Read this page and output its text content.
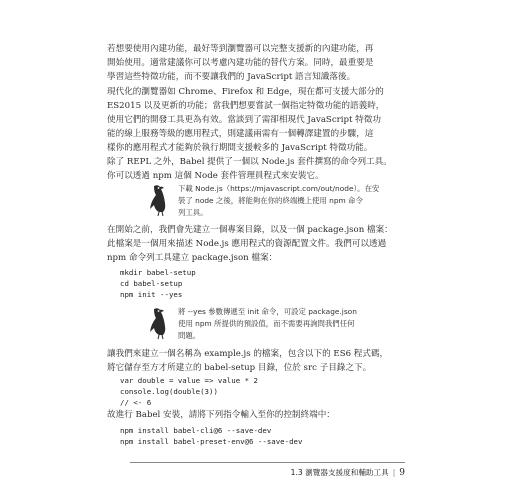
若想要使用內建功能，最好等到瀏覽器可以完整支援新的內建功能，再
開始使用。適常建議你可以考慮內建功能的替代方案。同時，最重要是
學習這些特徵功能，而不要讓我們的 JavaScript 語言知識落後。

現代化的瀏覽器如 Chrome、Firefox 和 Edge，現在都可支援大部分的
ES2015 以及更新的功能；當我們想要嘗試一個指定特徵功能的語義時，
使用它們的開發工具更為有效。當談到了需卻相現代 JavaScript 特徵功
能的線上服務等級的應用程式，則建議兩需有一個轉譯建置的步驟，這
樣你的應用程式才能夠於執行期間支援較多的 JavaScript 特徵功能。

除了 REPL 之外，Babel 提供了一個以 Node.js 套件撰寫的命令列工具。
你可以透過 npm 這個 Node 套件管理員程式來安裝它。

下載 Node.js（https://mjavascript.com/out/node）。在安
裝了 node 之後，將能夠在你的終端機上使用 npm 命令
列工具。

在開始之前，我們會先建立一個專案目錄，以及一個 package.json 檔案：
此檔案是一個用來描述 Node.js 應用程式的資源配置文件。我們可以透過
npm 命令列工具建立 package.json 檔案：

mkdir babel-setup
cd babel-setup
npm init --yes
將 --yes 參數傳遞至 init 命令，可設定 package.json
使用 npm 所提供的預設值，而不需要再詢問我們任何
問題。

讓我們來建立一個名稱為 example.js 的檔案，包含以下的 ES6 程式碼，
將它儲存至方才所建立的 babel-setup 目錄，位於 src 子目錄之下。

var double = value => value * 2
console.log(double(3))
// <- 6

故進行 Babel 安裝，請將下列指令輸入至你的控制終端中：

npm install babel-cli@6 --save-dev
npm install babel-preset-env@6 --save-dev
1.3 瀏覽器支援度和輔助工具 | 9
